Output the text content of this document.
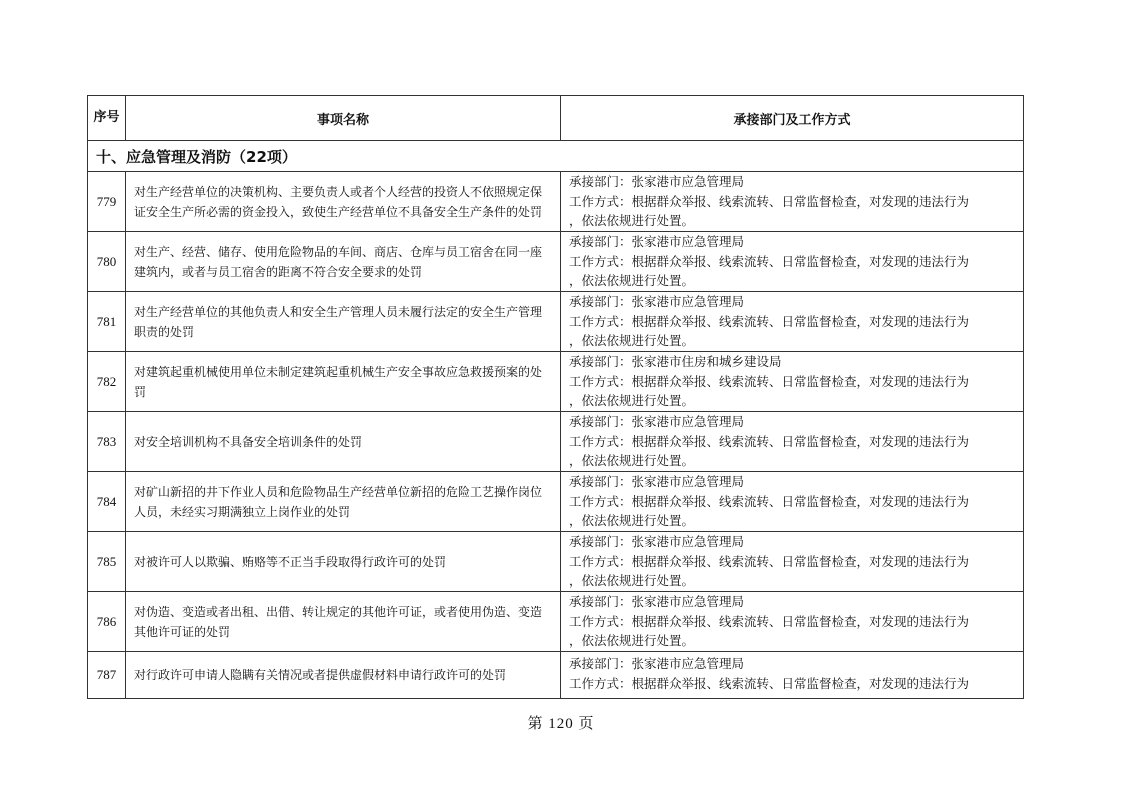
序号	事项名称	承接部门及工作方式
十、应急管理及消防（22项）		
779	对生产经营单位的决策机构、主要负责人或者个人经营的投资人不依照规定保证安全生产所必需的资金投入，致使生产经营单位不具备安全生产条件的处罚	承接部门：张家港市应急管理局
工作方式：根据群众举报、线索流转、日常监督检查，对发现的违法行为
，依法依规进行处置。

780	对生产、经营、储存、使用危险物品的车间、商店、仓库与员工宿舍在同一座建筑内，或者与员工宿舍的距离不符合安全要求的处罚	承接部门：张家港市应急管理局
工作方式：根据群众举报、线索流转、日常监督检查，对发现的违法行为
，依法依规进行处置。

781	对生产经营单位的其他负责人和安全生产管理人员未履行法定的安全生产管理职责的处罚	承接部门：张家港市应急管理局
工作方式：根据群众举报、线索流转、日常监督检查，对发现的违法行为
，依法依规进行处置。

782	对建筑起重机械使用单位未制定建筑起重机械生产安全事故应急救援预案的处罚	承接部门：张家港市住房和城乡建设局
工作方式：根据群众举报、线索流转、日常监督检查，对发现的违法行为
，依法依规进行处置。

783	对安全培训机构不具备安全培训条件的处罚	承接部门：张家港市应急管理局
工作方式：根据群众举报、线索流转、日常监督检查，对发现的违法行为
，依法依规进行处置。

784	对矿山新招的井下作业人员和危险物品生产经营单位新招的危险工艺操作岗位人员，未经实习期满独立上岗作业的处罚	承接部门：张家港市应急管理局
工作方式：根据群众举报、线索流转、日常监督检查，对发现的违法行为
，依法依规进行处置。

785	对被许可人以欺骗、贿赂等不正当手段取得行政许可的处罚	承接部门：张家港市应急管理局
工作方式：根据群众举报、线索流转、日常监督检查，对发现的违法行为
，依法依规进行处置。

786	对伪造、变造或者出租、出借、转让规定的其他许可证，或者使用伪造、变造其他许可证的处罚	承接部门：张家港市应急管理局
工作方式：根据群众举报、线索流转、日常监督检查，对发现的违法行为
，依法依规进行处置。

787	对行政许可申请人隐瞒有关情况或者提供虚假材料申请行政许可的处罚	承接部门：张家港市应急管理局
工作方式：根据群众举报、线索流转、日常监督检查，对发现的违法行为
第 120 页
